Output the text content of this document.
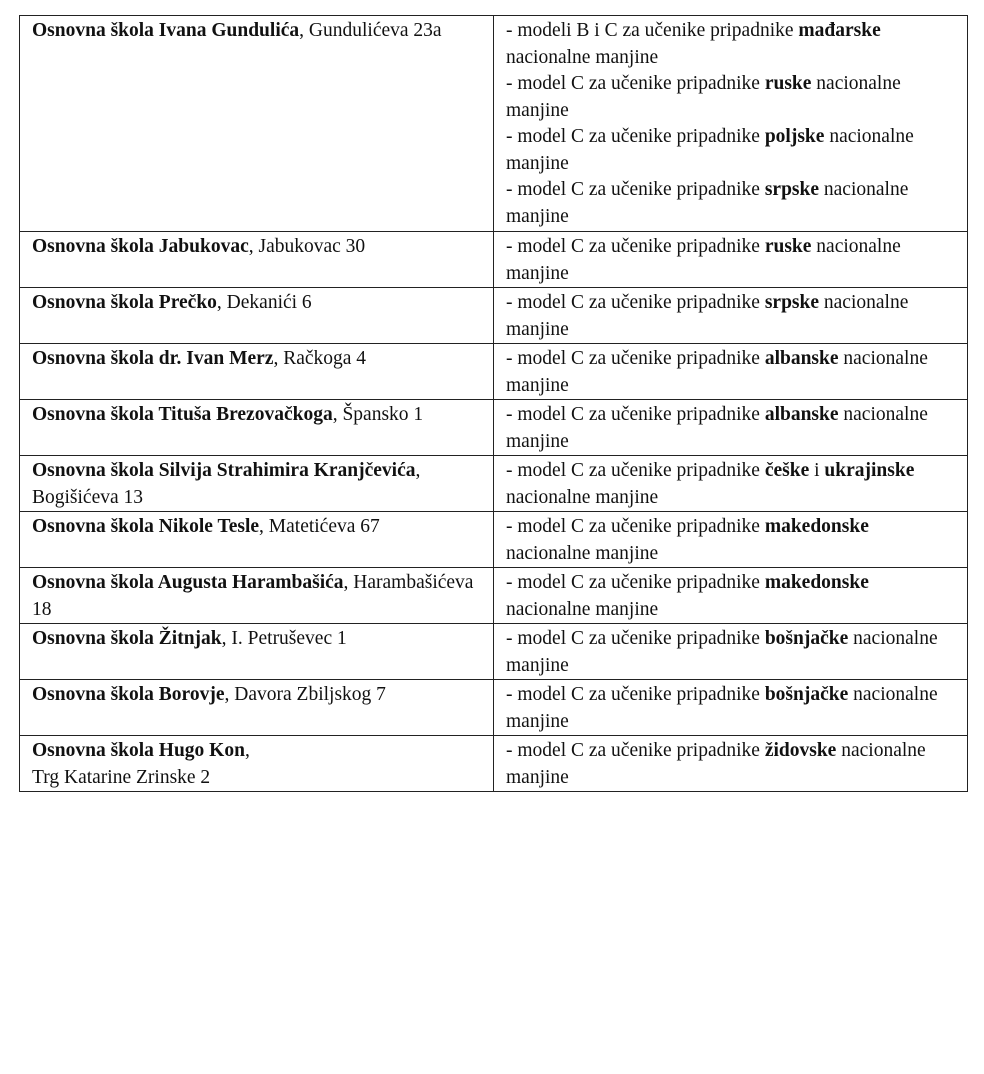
Osnovna škola Ivana Gundulića, Gundulićeva 23a	- modeli B i C za učenike pripadnike mađarske nacionalne manjine
- model C za učenike pripadnike ruske nacionalne manjine
- model C za učenike pripadnike poljske nacionalne manjine
- model C za učenike pripadnike srpske nacionalne manjine

Osnovna škola Jabukovac, Jabukovac 30	- model C za učenike pripadnike ruske nacionalne manjine

Osnovna škola Prečko, Dekanići 6	- model C za učenike pripadnike srpske nacionalne manjine

Osnovna škola dr. Ivan Merz, Račkoga 4	- model C za učenike pripadnike albanske nacionalne manjine

Osnovna škola Tituša Brezovačkoga, Špansko 1	- model C za učenike pripadnike albanske nacionalne manjine

Osnovna škola Silvija Strahimira Kranjčevića, Bogišićeva 13	- model C za učenike pripadnike češke i ukrajinske nacionalne manjine

Osnovna škola Nikole Tesle, Matetićeva 67	- model C za učenike pripadnike makedonske nacionalne manjine

Osnovna škola Augusta Harambašića, Harambašićeva 18	- model C za učenike pripadnike makedonske nacionalne manjine

Osnovna škola Žitnjak, I. Petruševec 1	- model C za učenike pripadnike bošnjačke nacionalne manjine

Osnovna škola Borovje, Davora Zbiljskog 7	- model C za učenike pripadnike bošnjačke nacionalne manjine

Osnovna škola Hugo Kon,
Trg Katarine Zrinske 2	- model C za učenike pripadnike židovske nacionalne manjine
